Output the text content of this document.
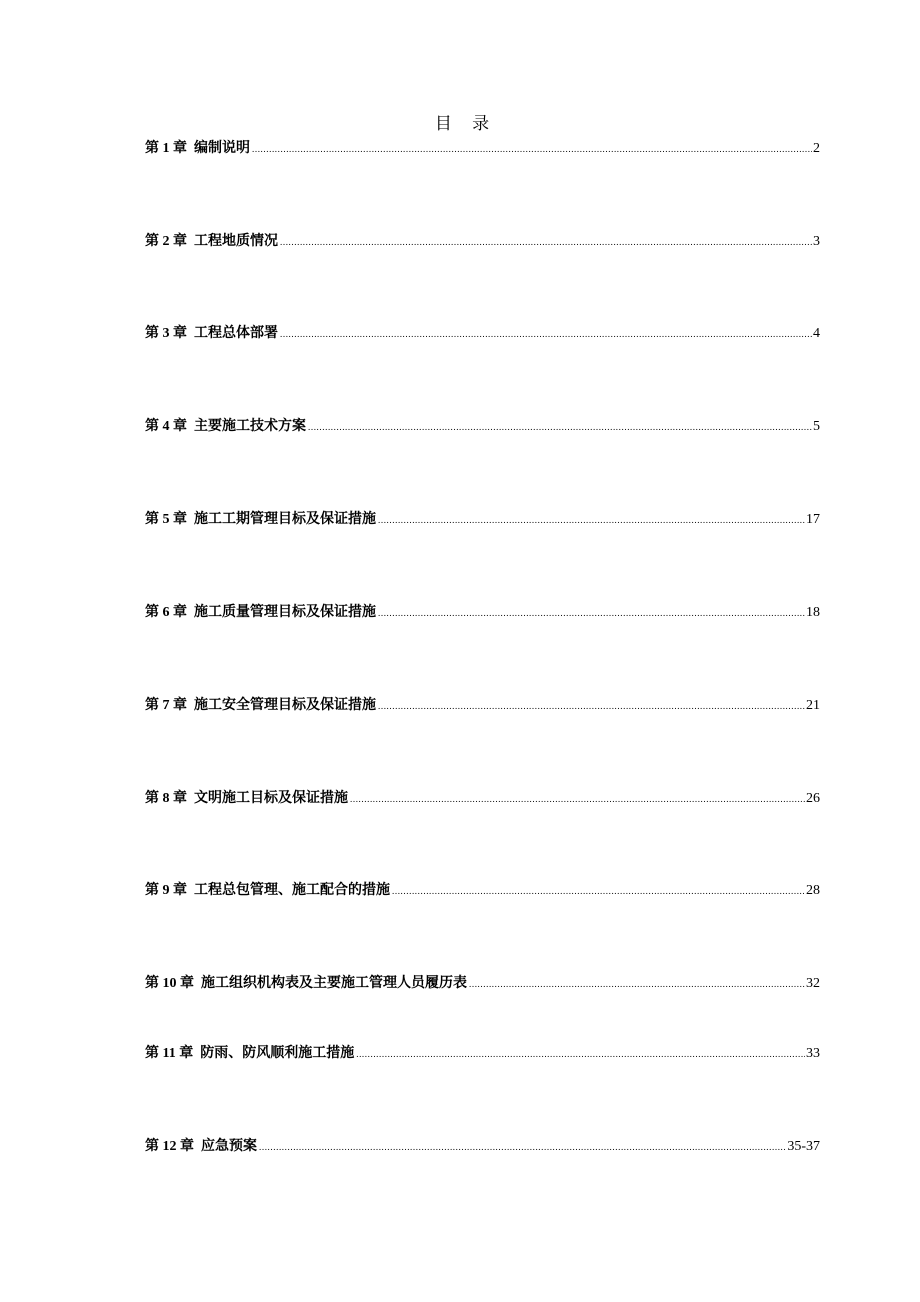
目 录
第 1 章 编制说明 .....	2
第 2 章 工程地质情况 .....	3
第 3 章 工程总体部署 .....	4
第 4 章 主要施工技术方案 .....	5
第 5 章 施工工期管理目标及保证措施 .....	17
第 6 章 施工质量管理目标及保证措施 .....	18
第 7 章 施工安全管理目标及保证措施 .....	21
第 8 章 文明施工目标及保证措施 .....	26
第 9 章 工程总包管理、施工配合的措施 .....	28
第 10 章 施工组织机构表及主要施工管理人员履历表 .....	32
第 11 章 防雨、防风顺利施工措施 .....	33
第 12 章 应急预案 .....	35-37
